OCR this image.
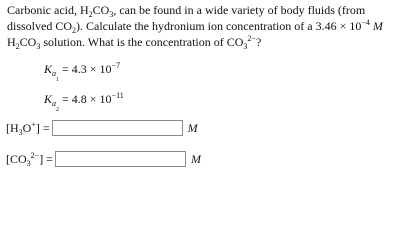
Carbonic acid, $H_2CO_3$, can be found in a wide variety of body fluids (from
dissolved $CO_2$). Calculate the hydronium ion concentration of a $3.46 \times 10^{-4}$ M
$H_2CO_3$ solution. What is the concentration of $CO_3^{2-}$?
$K_{a_1} = 4.3 \times 10^{-7}$
$K_{a_2} = 4.8 \times 10^{-11}$
$[H_3O^+]$ =	M
$[CO_3^{2-}]$ =	M
